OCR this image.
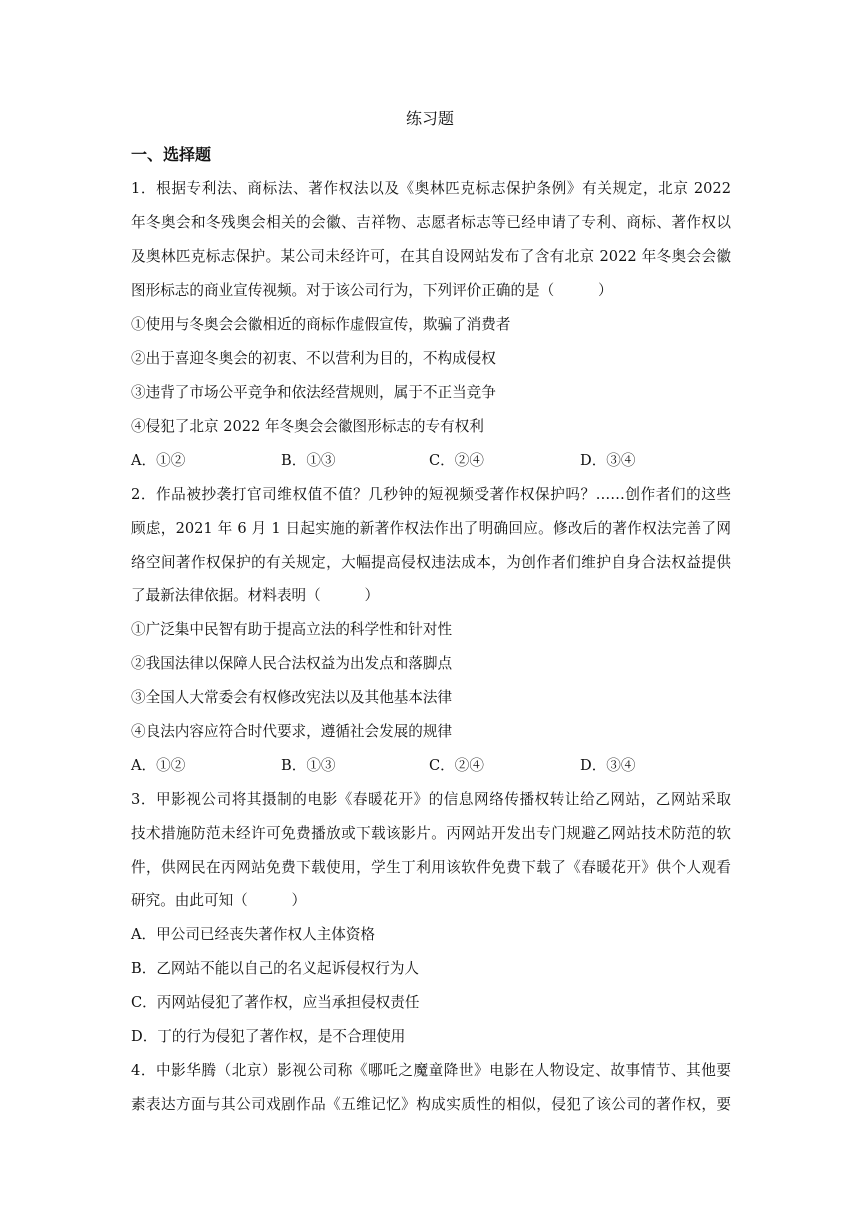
练习题
一、选择题
1．根据专利法、商标法、著作权法以及《奥林匹克标志保护条例》有关规定，北京 2022
年冬奥会和冬残奥会相关的会徽、吉祥物、志愿者标志等已经申请了专利、商标、著作权以
及奥林匹克标志保护。某公司未经许可，在其自设网站发布了含有北京 2022 年冬奥会会徽
图形标志的商业宣传视频。对于该公司行为，下列评价正确的是（　　　）
①使用与冬奥会会徽相近的商标作虚假宣传，欺骗了消费者
②出于喜迎冬奥会的初衷、不以营利为目的，不构成侵权
③违背了市场公平竞争和依法经营规则，属于不正当竞争
④侵犯了北京 2022 年冬奥会会徽图形标志的专有权利
A．①②	B．①③	C．②④	D．③④
2．作品被抄袭打官司维权值不值？几秒钟的短视频受著作权保护吗？……创作者们的这些
顾虑，2021 年 6 月 1 日起实施的新著作权法作出了明确回应。修改后的著作权法完善了网
络空间著作权保护的有关规定，大幅提高侵权违法成本，为创作者们维护自身合法权益提供
了最新法律依据。材料表明（　　　）
①广泛集中民智有助于提高立法的科学性和针对性
②我国法律以保障人民合法权益为出发点和落脚点
③全国人大常委会有权修改宪法以及其他基本法律
④良法内容应符合时代要求，遵循社会发展的规律
A．①②	B．①③	C．②④	D．③④
3．甲影视公司将其摄制的电影《春暖花开》的信息网络传播权转让给乙网站，乙网站采取
技术措施防范未经许可免费播放或下载该影片。丙网站开发出专门规避乙网站技术防范的软
件，供网民在丙网站免费下载使用，学生丁利用该软件免费下载了《春暖花开》供个人观看
研究。由此可知（　　　）
A．甲公司已经丧失著作权人主体资格
B．乙网站不能以自己的名义起诉侵权行为人
C．丙网站侵犯了著作权，应当承担侵权责任
D．丁的行为侵犯了著作权，是不合理使用
4．中影华腾（北京）影视公司称《哪吒之魔童降世》电影在人物设定、故事情节、其他要
素表达方面与其公司戏剧作品《五维记忆》构成实质性的相似，侵犯了该公司的著作权，要
